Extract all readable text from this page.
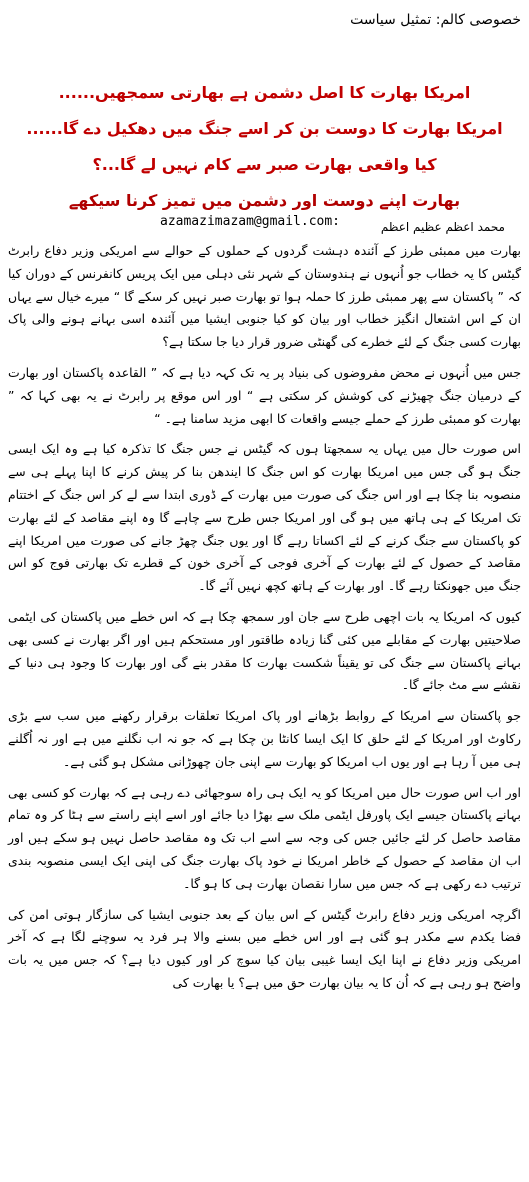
خصوصی کالم: تمثیل سیاست
امریکا بھارت کا اصل دشمن ہے بھارتی سمجھیں......
امریکا بھارت کا دوست بن کر اسے جنگ میں دھکیل دے گا......
کیا واقعی بھارت صبر سے کام نہیں لے گا...؟
بھارت اپنے دوست اور دشمن میں تمیز کرنا سیکھے
محمد اعظم عظیم اعظم
azamazimazam@gmail.com:

بھارت میں ممبئی طرز کے آئندہ دہشت گردوں کے حملوں کے حوالے سے امریکی وزیر دفاع رابرٹ گیٹس کا یہ خطاب جو اُنہوں نے ہندوستان کے شہر نئی دہلی میں ایک پریس کانفرنس کے دوران کیا کہ ” پاکستان سے پھر ممبئی طرز کا حملہ ہوا تو بھارت صبر نہیں کر سکے گا “ میرے خیال سے یہاں ان کے اس اشتعال انگیز خطاب اور بیان کو کیا جنوبی ایشیا میں آئندہ اسی بہانے ہونے والی پاک بھارت کسی جنگ کے لئے خطرے کی گھنٹی ضرور قرار دیا جا سکتا ہے؟

جس میں اُنہوں نے محض مفروضوں کی بنیاد پر یہ تک کہہ دیا ہے کہ ” القاعدہ پاکستان اور بھارت کے درمیان جنگ چھیڑنے کی کوشش کر سکتی ہے “ اور اس موقع پر رابرٹ نے یہ بھی کہا کہ ” بھارت کو ممبئی طرز کے حملے جیسے واقعات کا ابھی مزید سامنا ہے۔ “

اس صورت حال میں یہاں یہ سمجھتا ہوں کہ گیٹس نے جس جنگ کا تذکرہ کیا ہے وہ ایک ایسی جنگ ہو گی جس میں امریکا بھارت کو اس جنگ کا ایندھن بنا کر پیش کرنے کا اپنا پہلے ہی سے منصوبہ بنا چکا ہے اور اس جنگ کی صورت میں بھارت کے ڈوری ابتدا سے لے کر اس جنگ کے اختتام تک امریکا کے ہی ہاتھ میں ہو گی اور امریکا جس طرح سے چاہے گا وہ اپنے مقاصد کے لئے بھارت کو پاکستان سے جنگ کرنے کے لئے اکساتا رہے گا اور یوں جنگ چھڑ جانے کی صورت میں امریکا اپنے مقاصد کے حصول کے لئے بھارت کے آخری فوجی کے آخری خون کے قطرے تک بھارتی فوج کو اس جنگ میں جھونکتا رہے گا۔ اور بھارت کے ہاتھ کچھ نہیں آئے گا۔

کیوں کہ امریکا یہ بات اچھی طرح سے جان اور سمجھ چکا ہے کہ اس خطے میں پاکستان کی ایٹمی صلاحیتیں بھارت کے مقابلے میں کئی گنا زیادہ طاقتور اور مستحکم ہیں اور اگر بھارت نے کسی بھی بہانے پاکستان سے جنگ کی تو یقیناً شکست بھارت کا مقدر بنے گی اور بھارت کا وجود ہی دنیا کے نقشے سے مٹ جائے گا۔

جو پاکستان سے امریکا کے روابط بڑھانے اور پاک امریکا تعلقات برقرار رکھنے میں سب سے بڑی رکاوٹ اور امریکا کے لئے حلق کا ایک ایسا کانٹا بن چکا ہے کہ جو نہ اب نگلنے میں ہے اور نہ اُگلنے ہی میں آ رہا ہے اور یوں اب امریکا کو بھارت سے اپنی جان چھوڑانی مشکل ہو گئی ہے۔

اور اب اس صورت حال میں امریکا کو یہ ایک ہی راہ سوجھائی دے رہی ہے کہ بھارت کو کسی بھی بہانے پاکستان جیسے ایک پاورفل ایٹمی ملک سے بھڑا دیا جائے اور اسے اپنے راستے سے ہٹا کر وہ تمام مقاصد حاصل کر لئے جائیں جس کی وجہ سے اسے اب تک وہ مقاصد حاصل نہیں ہو سکے ہیں اور اب ان مقاصد کے حصول کے خاطر امریکا نے خود پاک بھارت جنگ کی اپنی ایک ایسی منصوبہ بندی ترتیب دے رکھی ہے کہ جس میں سارا نقصان بھارت ہی کا ہو گا۔

اگرچہ امریکی وزیر دفاع رابرٹ گیٹس کے اس بیان کے بعد جنوبی ایشیا کی سازگار ہوتی امن کی فضا یکدم سے مکدر ہو گئی ہے اور اس خطے میں بسنے والا ہر فرد یہ سوچنے لگا ہے کہ آخر امریکی وزیر دفاع نے اپنا ایک ایسا غیبی بیان کیا سوچ کر اور کیوں دیا ہے؟ کہ جس میں یہ بات واضح ہو رہی ہے کہ اُن کا یہ بیان بھارت حق میں ہے؟ یا بھارت کی
